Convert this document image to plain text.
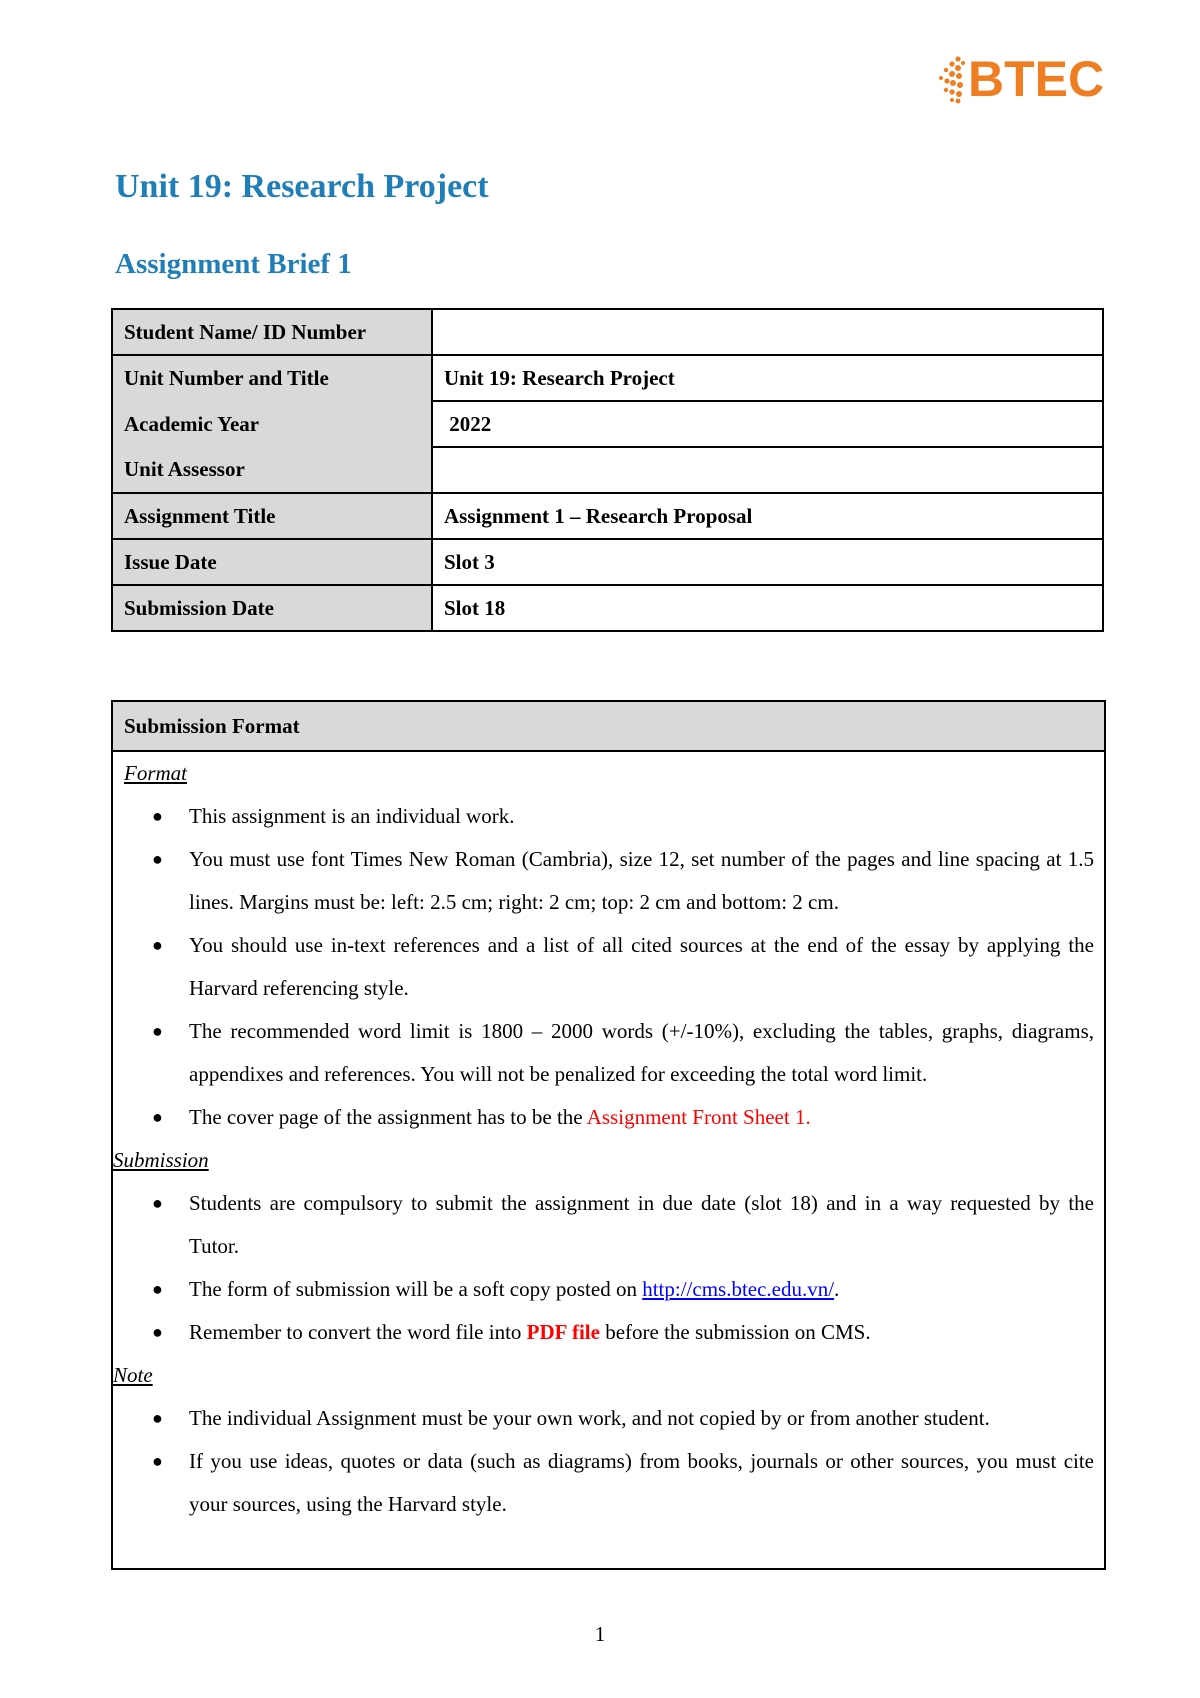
BTEC
Unit 19: Research Project
Assignment Brief 1
Student Name/ ID Number	
Unit Number and Title	Unit 19: Research Project
Academic Year	2022
Unit Assessor	
Assignment Title	Assignment 1 – Research Proposal
Issue Date	Slot 3
Submission Date	Slot 18
Submission Format
Format
● This assignment is an individual work.
● You must use font Times New Roman (Cambria), size 12, set number of the pages and line spacing at 1.5 lines. Margins must be: left: 2.5 cm; right: 2 cm; top: 2 cm and bottom: 2 cm.
● You should use in-text references and a list of all cited sources at the end of the essay by applying the Harvard referencing style.
● The recommended word limit is 1800 – 2000 words (+/-10%), excluding the tables, graphs, diagrams, appendixes and references. You will not be penalized for exceeding the total word limit.
● The cover page of the assignment has to be the Assignment Front Sheet 1.
Submission
● Students are compulsory to submit the assignment in due date (slot 18) and in a way requested by the Tutor.
● The form of submission will be a soft copy posted on http://cms.btec.edu.vn/.
● Remember to convert the word file into PDF file before the submission on CMS.
Note
● The individual Assignment must be your own work, and not copied by or from another student.
● If you use ideas, quotes or data (such as diagrams) from books, journals or other sources, you must cite your sources, using the Harvard style.
1
